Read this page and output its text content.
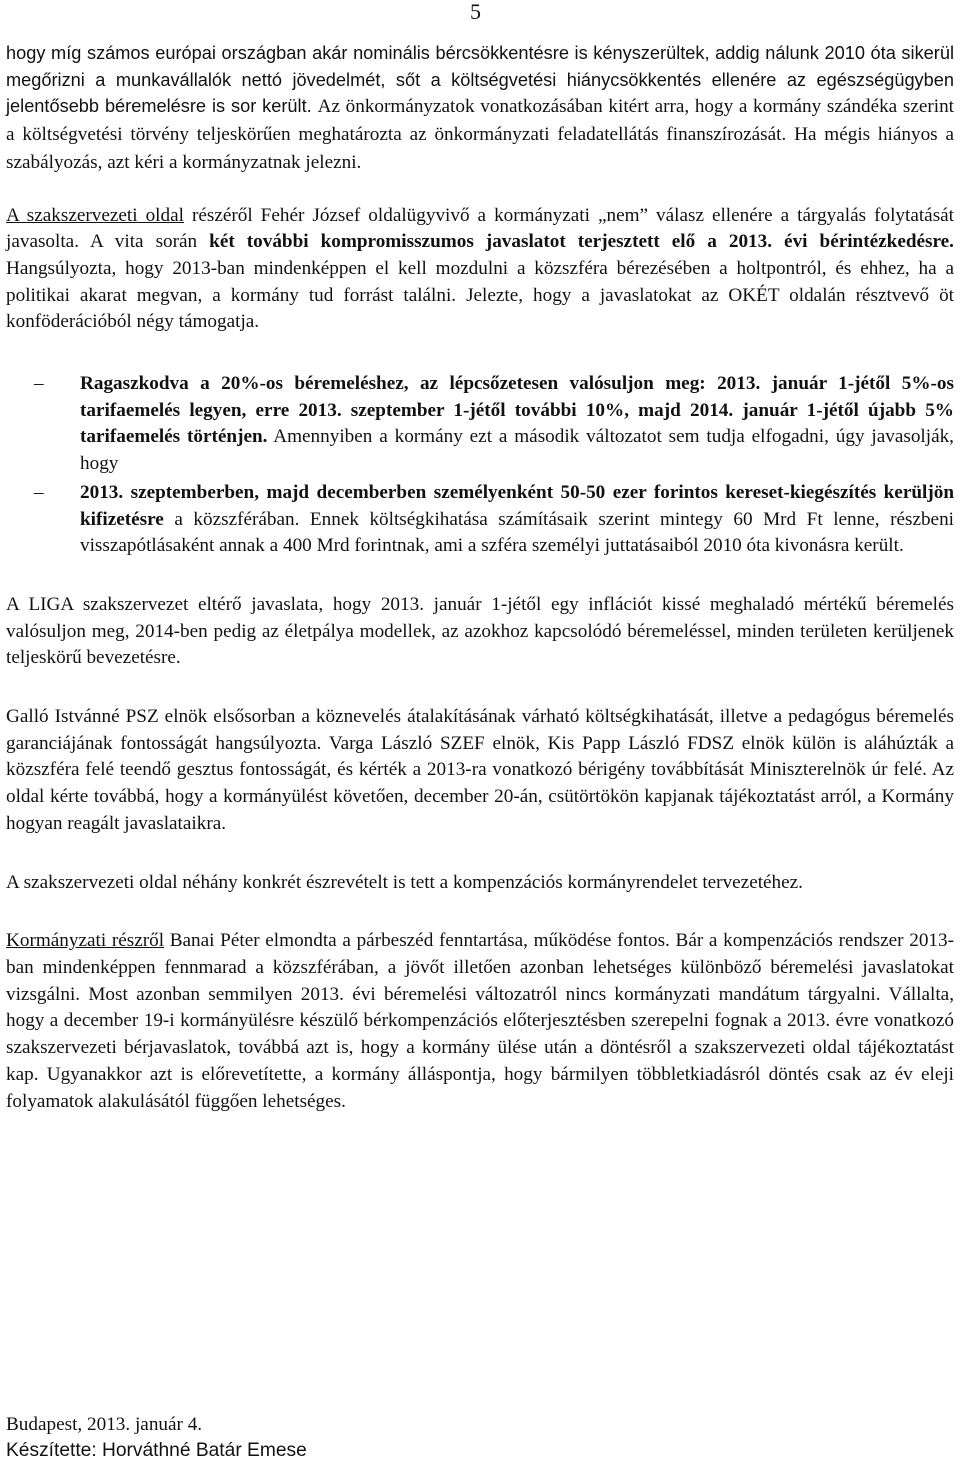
5

hogy míg számos európai országban akár nominális bércsökkentésre is kényszerültek, addig nálunk 2010 óta sikerül megőrizni a munkavállalók nettó jövedelmét, sőt a költségvetési hiánycsökkentés ellenére az egészségügyben jelentősebb béremelésre is sor került. Az önkormányzatok vonatkozásában kitért arra, hogy a kormány szándéka szerint a költségvetési törvény teljeskörűen meghatározta az önkormányzati feladatellátás finanszírozását. Ha mégis hiányos a szabályozás, azt kéri a kormányzatnak jelezni.

A szakszervezeti oldal részéről Fehér József oldalügyvivő a kormányzati „nem” válasz ellenére a tárgyalás folytatását javasolta. A vita során két további kompromisszumos javaslatot terjesztett elő a 2013. évi bérintézkedésre. Hangsúlyozta, hogy 2013-ban mindenképpen el kell mozdulni a közszféra bérezésében a holtpontról, és ehhez, ha a politikai akarat megvan, a kormány tud forrást találni. Jelezte, hogy a javaslatokat az OKÉT oldalán résztvevő öt konföderációból négy támogatja.

–	Ragaszkodva a 20%-os béremeléshez, az lépcsőzetesen valósuljon meg: 2013. január 1-jétől 5%-os tarifaemelés legyen, erre 2013. szeptember 1-jétől további 10%, majd 2014. január 1-jétől újabb 5% tarifaemelés történjen. Amennyiben a kormány ezt a második változatot sem tudja elfogadni, úgy javasolják, hogy
–	2013. szeptemberben, majd decemberben személyenként 50-50 ezer forintos kereset-kiegészítés kerüljön kifizetésre a közszférában. Ennek költségkihatása számításaik szerint mintegy 60 Mrd Ft lenne, részbeni visszapótlásaként annak a 400 Mrd forintnak, ami a szféra személyi juttatásaiból 2010 óta kivonásra került.

A LIGA szakszervezet eltérő javaslata, hogy 2013. január 1-jétől egy inflációt kissé meghaladó mértékű béremelés valósuljon meg, 2014-ben pedig az életpálya modellek, az azokhoz kapcsolódó béremeléssel, minden területen kerüljenek teljeskörű bevezetésre.

Galló Istvánné PSZ elnök elsősorban a köznevelés átalakításának várható költségkihatását, illetve a pedagógus béremelés garanciájának fontosságát hangsúlyozta. Varga László SZEF elnök, Kis Papp László FDSZ elnök külön is aláhúzták a közszféra felé teendő gesztus fontosságát, és kérték a 2013-ra vonatkozó bérigény továbbítását Miniszterelnök úr felé. Az oldal kérte továbbá, hogy a kormányülést követően, december 20-án, csütörtökön kapjanak tájékoztatást arról, a Kormány hogyan reagált javaslataikra.

A szakszervezeti oldal néhány konkrét észrevételt is tett a kompenzációs kormányrendelet tervezetéhez.

Kormányzati részről Banai Péter elmondta a párbeszéd fenntartása, működése fontos. Bár a kompenzációs rendszer 2013-ban mindenképpen fennmarad a közszférában, a jövőt illetően azonban lehetséges különböző béremelési javaslatokat vizsgálni. Most azonban semmilyen 2013. évi béremelési változatról nincs kormányzati mandátum tárgyalni. Vállalta, hogy a december 19-i kormányülésre készülő bérkompenzációs előterjesztésben szerepelni fognak a 2013. évre vonatkozó szakszervezeti bérjavaslatok, továbbá azt is, hogy a kormány ülése után a döntésről a szakszervezeti oldal tájékoztatást kap. Ugyanakkor azt is előrevetítette, a kormány álláspontja, hogy bármilyen többletkiadásról döntés csak az év eleji folyamatok alakulásától függően lehetséges.

Budapest, 2013. január 4.

Készítette: Horváthné Batár Emese
